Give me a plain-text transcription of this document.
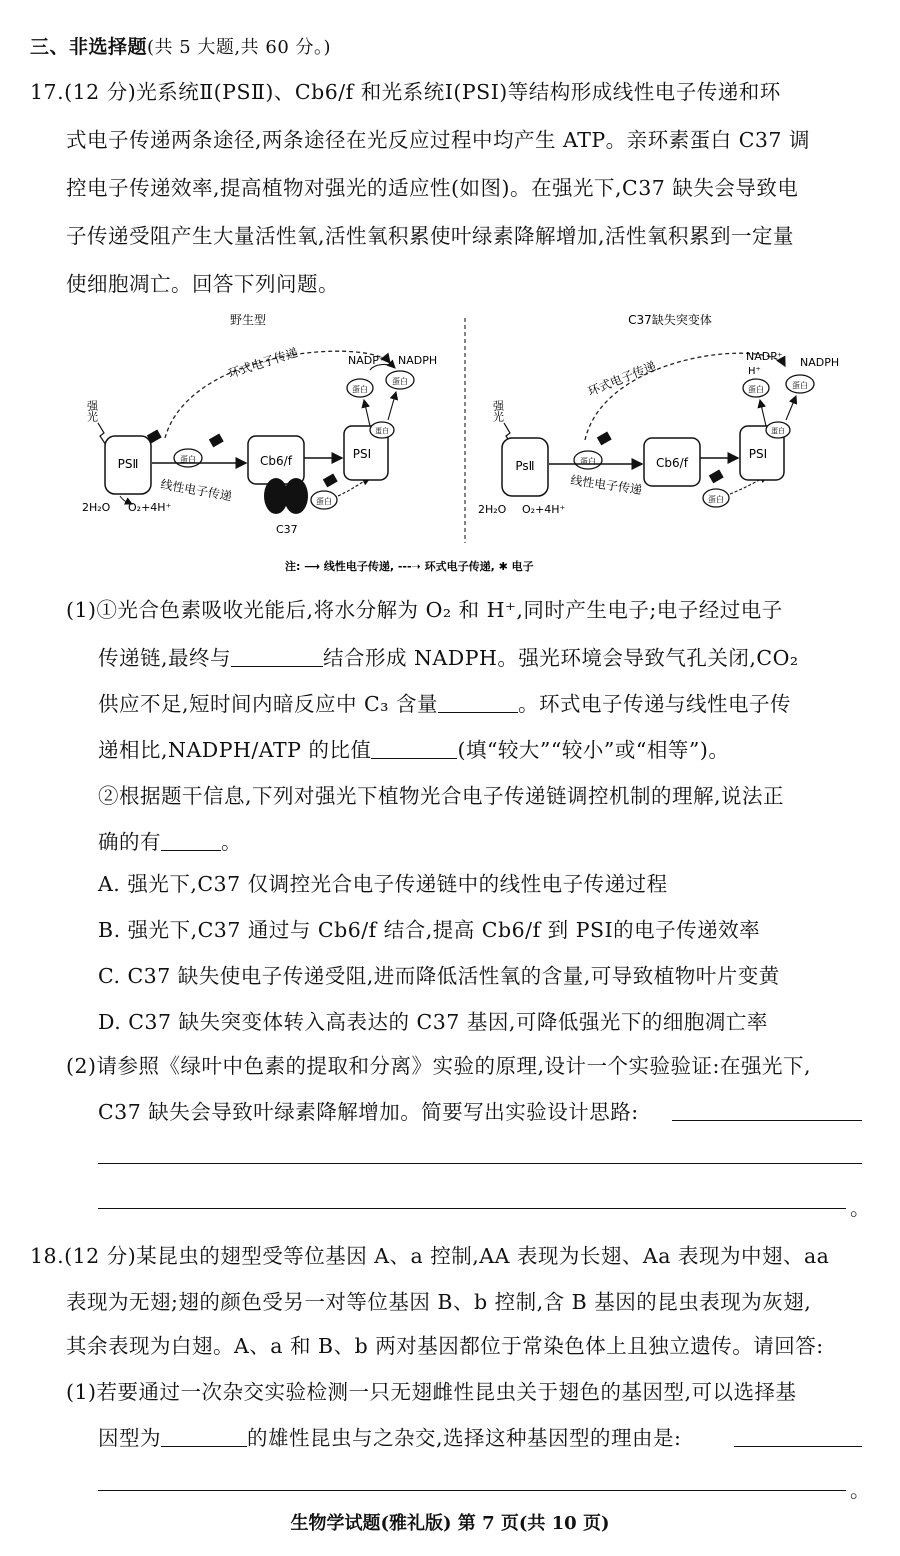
三、非选择题(共 5 大题,共 60 分。)
17.(12 分)光系统Ⅱ(PSⅡ)、Cb6/f 和光系统Ⅰ(PSⅠ)等结构形成线性电子传递和环
式电子传递两条途径,两条途径在光反应过程中均产生 ATP。亲环素蛋白 C37 调
控电子传递效率,提高植物对强光的适应性(如图)。在强光下,C37 缺失会导致电
子传递受阻产生大量活性氧,活性氧积累使叶绿素降解增加,活性氧积累到一定量
使细胞凋亡。回答下列问题。
野生型
环式电子传递
强光
PSⅡ
2H₂O O₂+4H⁺
蛋白
线性电子传递
Cb6/f
C37
蛋白
PSⅠ
蛋白
蛋白
蛋白
NADP⁺ NADPH
C37缺失突变体
环式电子传递
强光
PsⅡ
2H₂O O₂+4H⁺
蛋白
线性电子传递
Cb6/f
蛋白
PSⅠ
蛋白	蛋白
蛋白
NADP⁺
H⁺
NADPH
注: ⟶ 线性电子传递, ‑‑‑➝ 环式电子传递, ✱ 电子
(1)①光合色素吸收光能后,将水分解为 O₂ 和 H⁺,同时产生电子;电子经过电子
传递链,最终与	结合形成 NADPH。强光环境会导致气孔关闭,CO₂
供应不足,短时间内暗反应中 C₃ 含量	。环式电子传递与线性电子传
递相比,NADPH/ATP 的比值	(填“较大”“较小”或“相等”)。
②根据题干信息,下列对强光下植物光合电子传递链调控机制的理解,说法正
确的有	。
A. 强光下,C37 仅调控光合电子传递链中的线性电子传递过程
B. 强光下,C37 通过与 Cb6/f 结合,提高 Cb6/f 到 PSⅠ的电子传递效率
C. C37 缺失使电子传递受阻,进而降低活性氧的含量,可导致植物叶片变黄
D. C37 缺失突变体转入高表达的 C37 基因,可降低强光下的细胞凋亡率
(2)请参照《绿叶中色素的提取和分离》实验的原理,设计一个实验验证:在强光下,
C37 缺失会导致叶绿素降解增加。简要写出实验设计思路:
。
18.(12 分)某昆虫的翅型受等位基因 A、a 控制,AA 表现为长翅、Aa 表现为中翅、aa
表现为无翅;翅的颜色受另一对等位基因 B、b 控制,含 B 基因的昆虫表现为灰翅,
其余表现为白翅。A、a 和 B、b 两对基因都位于常染色体上且独立遗传。请回答:
(1)若要通过一次杂交实验检测一只无翅雌性昆虫关于翅色的基因型,可以选择基
因型为	的雄性昆虫与之杂交,选择这种基因型的理由是:
。
生物学试题(雅礼版) 第 7 页(共 10 页)
